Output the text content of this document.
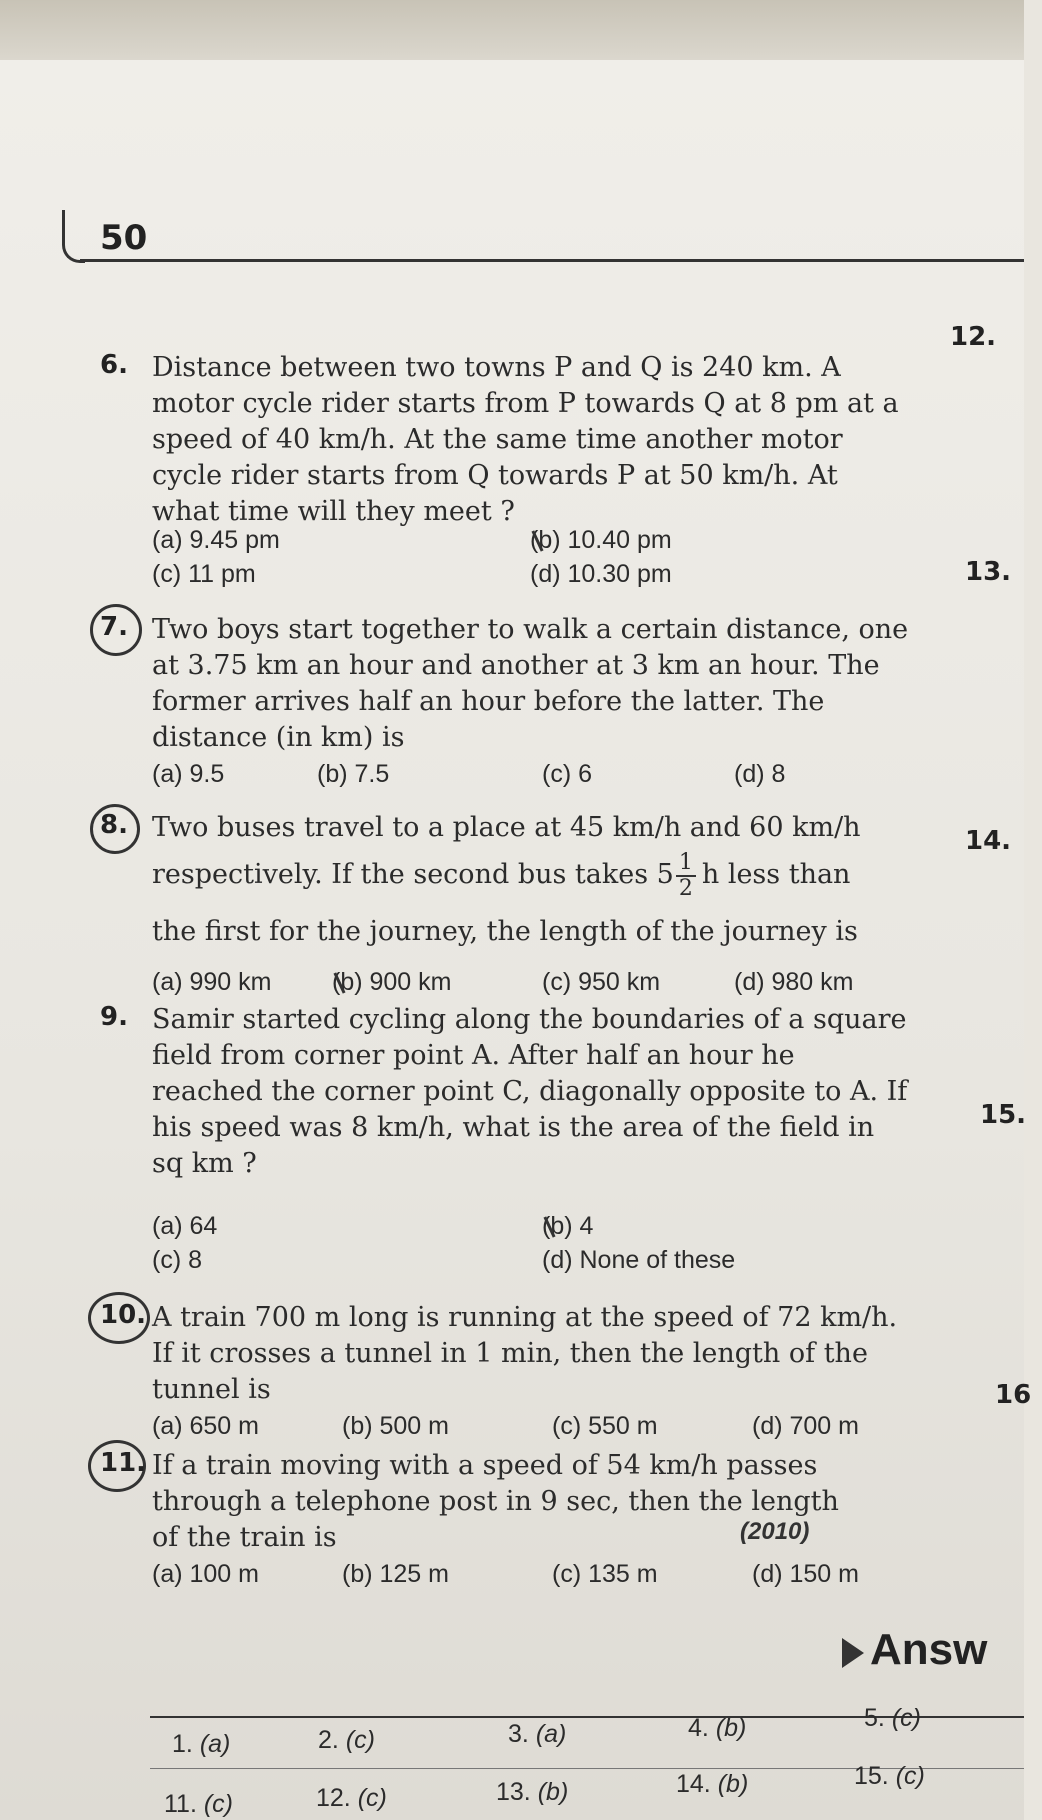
50
12.
13.
14.
15.
16
6. Distance between two towns P and Q is 240 km. A motor cycle rider starts from P towards Q at 8 pm at a speed of 40 km/h. At the same time another motor cycle rider starts from Q towards P at 50 km/h. At what time will they meet ?
(a) 9.45 pm	(b) 10.40 pm
(c) 11 pm	(d) 10.30 pm
7. Two boys start together to walk a certain distance, one at 3.75 km an hour and another at 3 km an hour. The former arrives half an hour before the latter. The distance (in km) is
(a) 9.5	(b) 7.5	(c) 6	(d) 8
8. Two buses travel to a place at 45 km/h and 60 km/h
respectively. If the second bus takes $5 \frac{1}{2}$ h less than
the first for the journey, the length of the journey is
(a) 990 km (b) 900 km	(c) 950 km	(d) 980 km
9. Samir started cycling along the boundaries of a square field from corner point A. After half an hour he reached the corner point C, diagonally opposite to A. If his speed was 8 km/h, what is the area of the field in sq km ?
(a) 64	(b) 4
(c) 8	(d) None of these
10. A train 700 m long is running at the speed of 72 km/h. If it crosses a tunnel in 1 min, then the length of the tunnel is
(a) 650 m	(b) 500 m	(c) 550 m	(d) 700 m
11. If a train moving with a speed of 54 km/h passes through a telephone post in 9 sec, then the length of the train is	(2010)
(a) 100 m	(b) 125 m	(c) 135 m	(d) 150 m
Answ
1. (a)	2. (c)	3. (a)	4. (b)	5. (c)
11. (c)	12. (c)	13. (b)	14. (b)	15. (c)
